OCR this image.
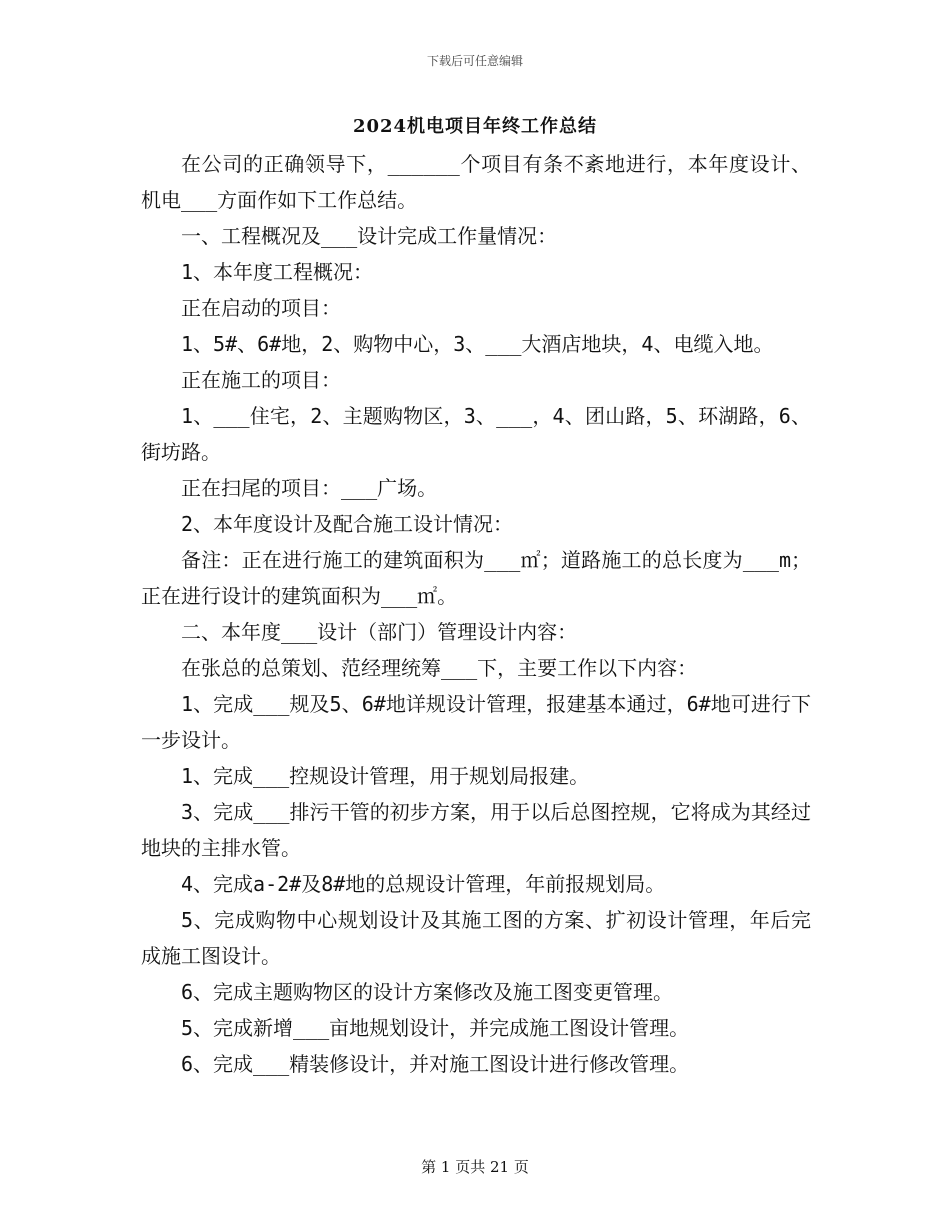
下载后可任意编辑
2024机电项目年终工作总结

在公司的正确领导下，______个项目有条不紊地进行，本年度设计、机电___方面作如下工作总结。

一、工程概况及___设计完成工作量情况：

1、本年度工程概况：

正在启动的项目：

1、5#、6#地，2、购物中心，3、___大酒店地块，4、电缆入地。

正在施工的项目：

1、___住宅，2、主题购物区，3、___，4、团山路，5、环湖路，6、街坊路。

正在扫尾的项目：___广场。

2、本年度设计及配合施工设计情况：

备注：正在进行施工的建筑面积为___㎡；道路施工的总长度为___m；正在进行设计的建筑面积为___㎡。

二、本年度___设计（部门）管理设计内容：

在张总的总策划、范经理统筹___下，主要工作以下内容：

1、完成___规及5、6#地详规设计管理，报建基本通过，6#地可进行下一步设计。

1、完成___控规设计管理，用于规划局报建。

3、完成___排污干管的初步方案，用于以后总图控规，它将成为其经过地块的主排水管。

4、完成a-2#及8#地的总规设计管理，年前报规划局。

5、完成购物中心规划设计及其施工图的方案、扩初设计管理，年后完成施工图设计。

6、完成主题购物区的设计方案修改及施工图变更管理。

5、完成新增___亩地规划设计，并完成施工图设计管理。

6、完成___精装修设计，并对施工图设计进行修改管理。

第 1 页共 21 页
